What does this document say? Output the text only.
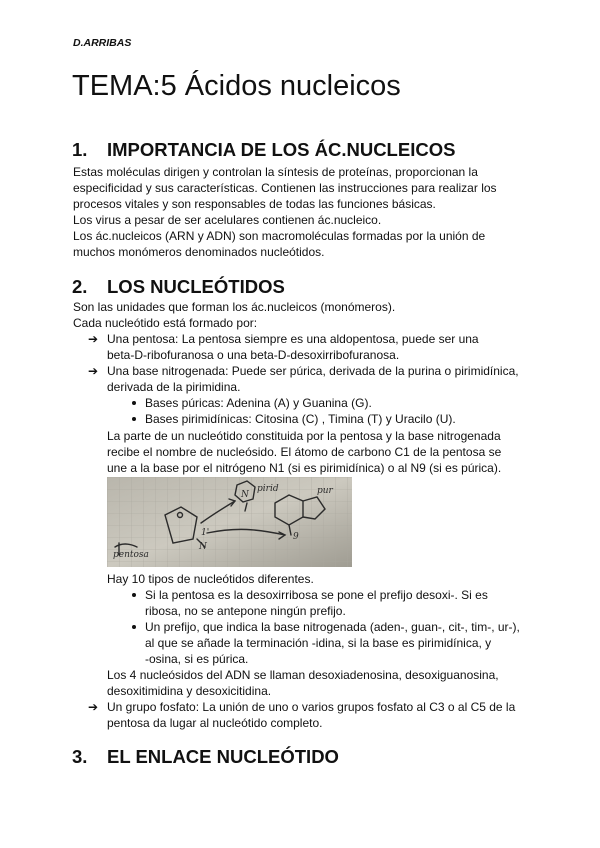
D.ARRIBAS
TEMA:5 Ácidos nucleicos
1. IMPORTANCIA DE LOS ÁC.NUCLEICOS
Estas moléculas dirigen y controlan la síntesis de proteínas, proporcionan la
especificidad y sus características. Contienen las instrucciones para realizar los
procesos vitales y son responsables de todas las funciones básicas.
Los virus a pesar de ser acelulares contienen ác.nucleico.
Los ác.nucleicos (ARN y ADN) son macromoléculas formadas por la unión de
muchos monómeros denominados nucleótidos.
2. LOS NUCLEÓTIDOS
Son las unidades que forman los ác.nucleicos (monómeros).
Cada nucleótido está formado por:
➔ Una pentosa: La pentosa siempre es una aldopentosa, puede ser una
beta-D-ribofuranosa o una beta-D-desoxirribofuranosa.
➔ Una base nitrogenada: Puede ser púrica, derivada de la purina o pirimidínica,
derivada de la pirimidina.
Bases púricas: Adenina (A) y Guanina (G).
Bases pirimidínicas: Citosina (C) , Timina (T) y Uracilo (U).
La parte de un nucleótido constituida por la pentosa y la base nitrogenada
recibe el nombre de nucleósido. El átomo de carbono C1 de la pentosa se
une a la base por el nitrógeno N1 (si es pirimidínica) o al N9 (si es púrica).
pentosa
1'
N
N
pirid	pur
9
Hay 10 tipos de nucleótidos diferentes.
Si la pentosa es la desoxirribosa se pone el prefijo desoxi-. Si es
ribosa, no se antepone ningún prefijo.
Un prefijo, que indica la base nitrogenada (aden-, guan-, cit-, tim-, ur-),
al que se añade la terminación -idina, si la base es pirimidínica, y
-osina, si es púrica.
Los 4 nucleósidos del ADN se llaman desoxiadenosina, desoxiguanosina,
desoxitimidina y desoxicitidina.
➔ Un grupo fosfato: La unión de uno o varios grupos fosfato al C3 o al C5 de la
pentosa da lugar al nucleótido completo.
3. EL ENLACE NUCLEÓTIDO
